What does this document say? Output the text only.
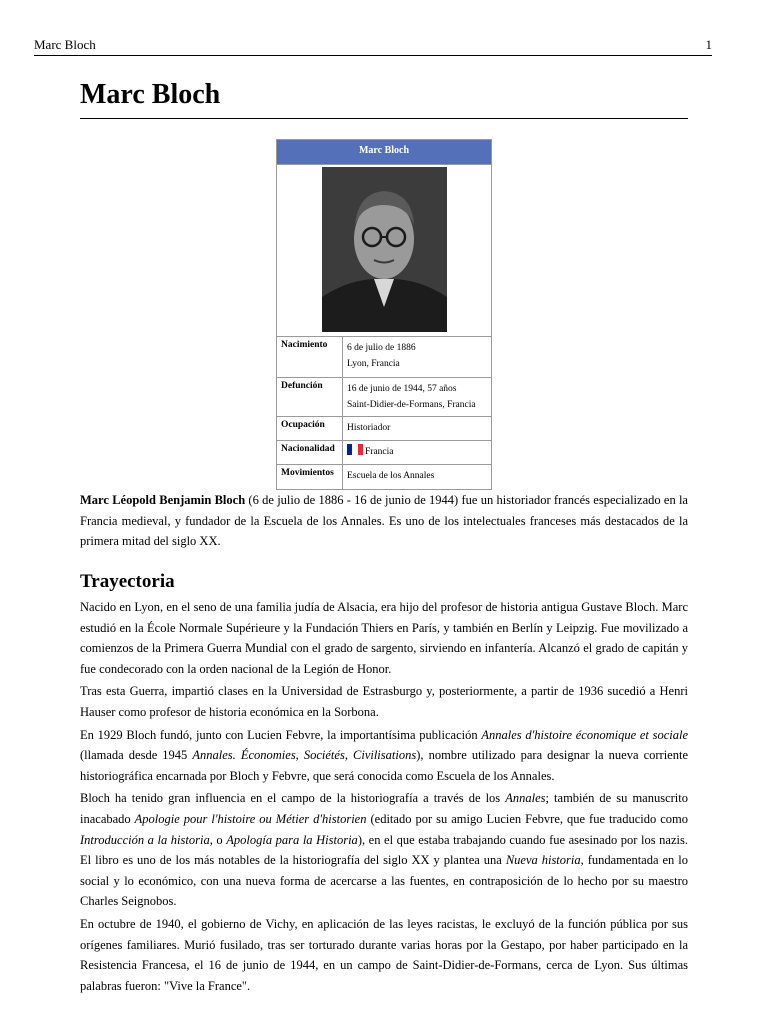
Marc Bloch	1
Marc Bloch
Marc Bloch
Nacimiento	6 de julio de 1886
Lyon, Francia
Defunción	16 de junio de 1944, 57 años
Saint-Didier-de-Formans, Francia
Ocupación	Historiador
Nacionalidad	Francia
Movimientos	Escuela de los Annales

Marc Léopold Benjamin Bloch (6 de julio de 1886 - 16 de junio de 1944) fue un historiador francés especializado en la Francia medieval, y fundador de la Escuela de los Annales. Es uno de los intelectuales franceses más destacados de la primera mitad del siglo XX.

Trayectoria

Nacido en Lyon, en el seno de una familia judía de Alsacia, era hijo del profesor de historia antigua Gustave Bloch. Marc estudió en la École Normale Supérieure y la Fundación Thiers en París, y también en Berlín y Leipzig. Fue movilizado a comienzos de la Primera Guerra Mundial con el grado de sargento, sirviendo en infantería. Alcanzó el grado de capitán y fue condecorado con la orden nacional de la Legión de Honor.

Tras esta Guerra, impartió clases en la Universidad de Estrasburgo y, posteriormente, a partir de 1936 sucedió a Henri Hauser como profesor de historia económica en la Sorbona.

En 1929 Bloch fundó, junto con Lucien Febvre, la importantísima publicación Annales d'histoire économique et sociale (llamada desde 1945 Annales. Économies, Sociétés, Civilisations), nombre utilizado para designar la nueva corriente historiográfica encarnada por Bloch y Febvre, que será conocida como Escuela de los Annales.

Bloch ha tenido gran influencia en el campo de la historiografía a través de los Annales; también de su manuscrito inacabado Apologie pour l'histoire ou Métier d'historien (editado por su amigo Lucien Febvre, que fue traducido como Introducción a la historia, o Apología para la Historia), en el que estaba trabajando cuando fue asesinado por los nazis. El libro es uno de los más notables de la historiografía del siglo XX y plantea una Nueva historia, fundamentada en lo social y lo económico, con una nueva forma de acercarse a las fuentes, en contraposición de lo hecho por su maestro Charles Seignobos.

En octubre de 1940, el gobierno de Vichy, en aplicación de las leyes racistas, le excluyó de la función pública por sus orígenes familiares. Murió fusilado, tras ser torturado durante varias horas por la Gestapo, por haber participado en la Resistencia Francesa, el 16 de junio de 1944, en un campo de Saint-Didier-de-Formans, cerca de Lyon. Sus últimas palabras fueron: "Vive la France".
